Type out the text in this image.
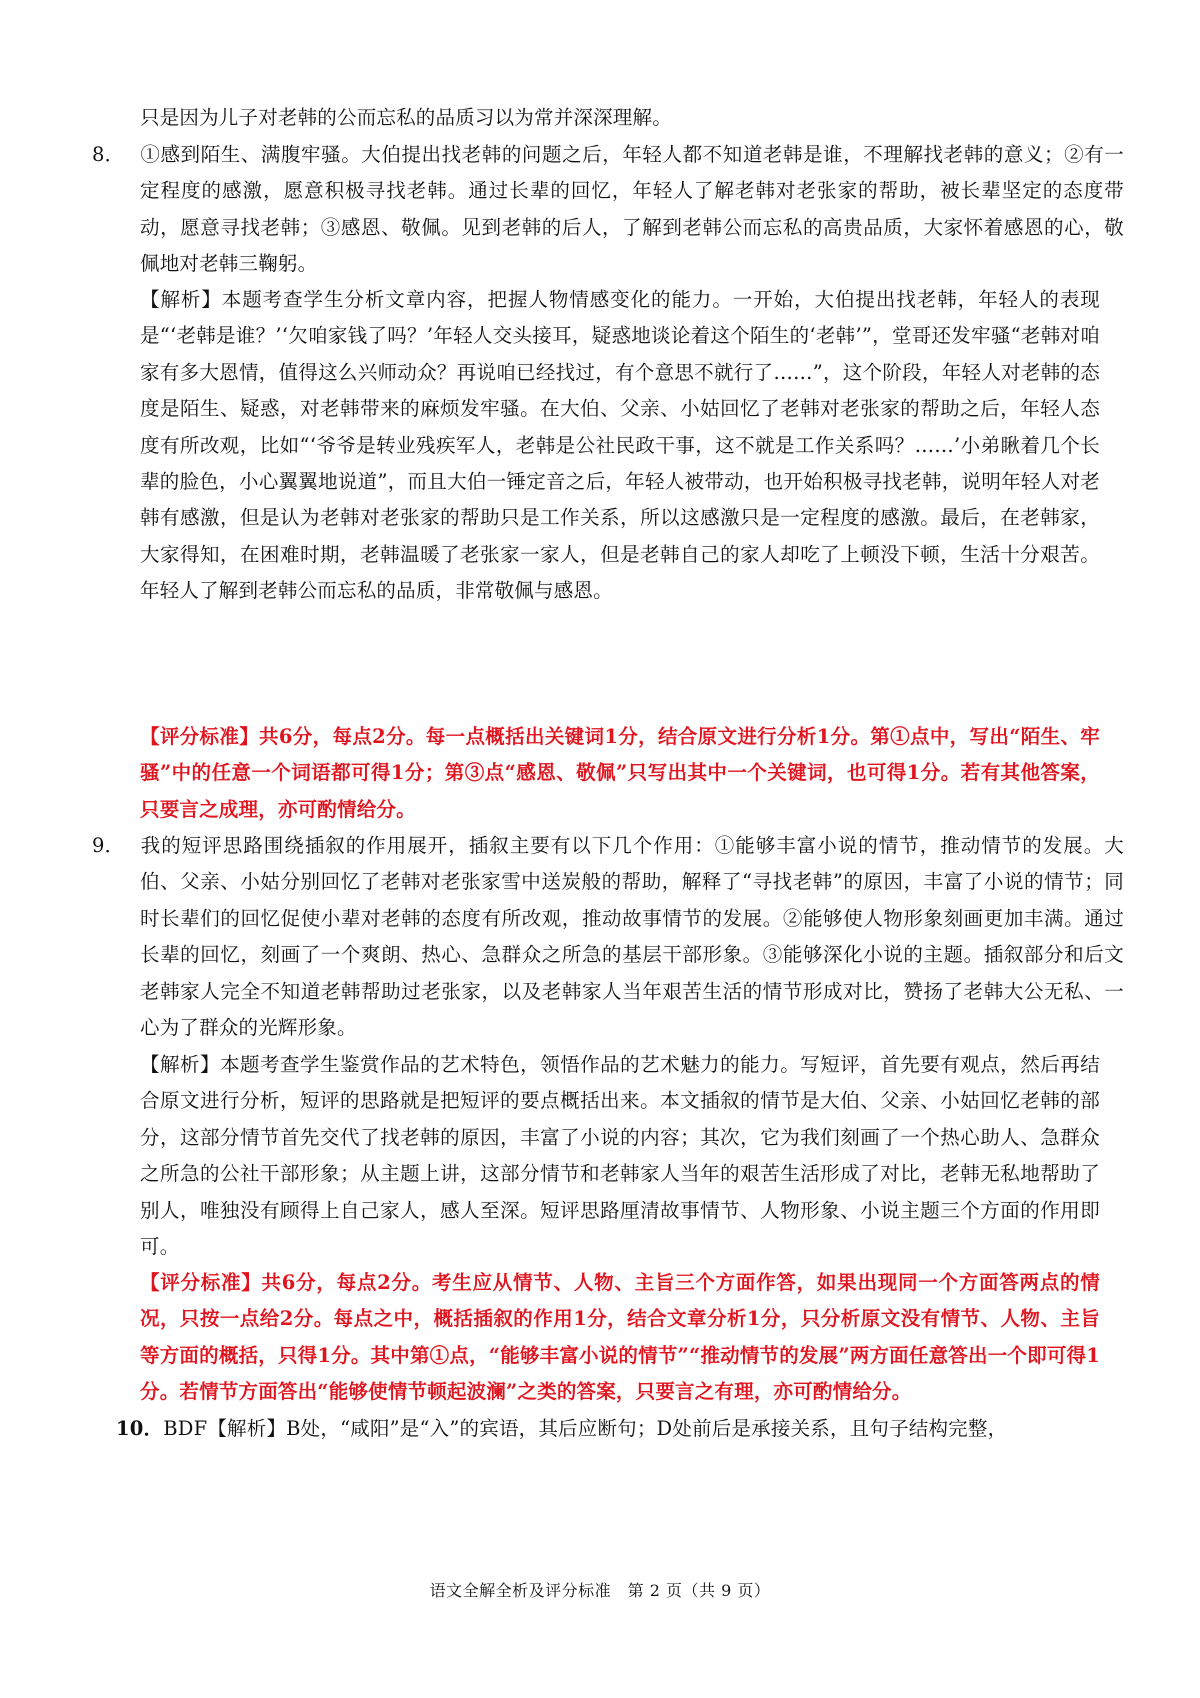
只是因为儿子对老韩的公而忘私的品质习以为常并深深理解。

8． ①感到陌生、满腹牢骚。大伯提出找老韩的问题之后，年轻人都不知道老韩是谁，不理解找老韩的意义；②有一定程度的感激，愿意积极寻找老韩。通过长辈的回忆，年轻人了解老韩对老张家的帮助，被长辈坚定的态度带动，愿意寻找老韩；③感恩、敬佩。见到老韩的后人，了解到老韩公而忘私的高贵品质，大家怀着感恩的心，敬佩地对老韩三鞠躬。

【解析】本题考查学生分析文章内容，把握人物情感变化的能力。一开始，大伯提出找老韩，年轻人的表现是“‘老韩是谁？’‘欠咱家钱了吗？’年轻人交头接耳，疑惑地谈论着这个陌生的‘老韩’”，堂哥还发牢骚“老韩对咱家有多大恩情，值得这么兴师动众？再说咱已经找过，有个意思不就行了……”，这个阶段，年轻人对老韩的态度是陌生、疑惑，对老韩带来的麻烦发牢骚。在大伯、父亲、小姑回忆了老韩对老张家的帮助之后，年轻人态度有所改观，比如“‘爷爷是转业残疾军人，老韩是公社民政干事，这不就是工作关系吗？……’小弟瞅着几个长辈的脸色，小心翼翼地说道”，而且大伯一锤定音之后，年轻人被带动，也开始积极寻找老韩，说明年轻人对老韩有感激，但是认为老韩对老张家的帮助只是工作关系，所以这感激只是一定程度的感激。最后，在老韩家，大家得知，在困难时期，老韩温暖了老张家一家人，但是老韩自己的家人却吃了上顿没下顿，生活十分艰苦。年轻人了解到老韩公而忘私的品质，非常敬佩与感恩。

【评分标准】共6分，每点2分。每一点概括出关键词1分，结合原文进行分析1分。第①点中，写出“陌生、牢骚”中的任意一个词语都可得1分；第③点“感恩、敬佩”只写出其中一个关键词，也可得1分。若有其他答案，只要言之成理，亦可酌情给分。

9． 我的短评思路围绕插叙的作用展开，插叙主要有以下几个作用：①能够丰富小说的情节，推动情节的发展。大伯、父亲、小姑分别回忆了老韩对老张家雪中送炭般的帮助，解释了“寻找老韩”的原因，丰富了小说的情节；同时长辈们的回忆促使小辈对老韩的态度有所改观，推动故事情节的发展。②能够使人物形象刻画更加丰满。通过长辈的回忆，刻画了一个爽朗、热心、急群众之所急的基层干部形象。③能够深化小说的主题。插叙部分和后文老韩家人完全不知道老韩帮助过老张家，以及老韩家人当年艰苦生活的情节形成对比，赞扬了老韩大公无私、一心为了群众的光辉形象。

【解析】本题考查学生鉴赏作品的艺术特色，领悟作品的艺术魅力的能力。写短评，首先要有观点，然后再结合原文进行分析，短评的思路就是把短评的要点概括出来。本文插叙的情节是大伯、父亲、小姑回忆老韩的部分，这部分情节首先交代了找老韩的原因，丰富了小说的内容；其次，它为我们刻画了一个热心助人、急群众之所急的公社干部形象；从主题上讲，这部分情节和老韩家人当年的艰苦生活形成了对比，老韩无私地帮助了别人，唯独没有顾得上自己家人，感人至深。短评思路厘清故事情节、人物形象、小说主题三个方面的作用即可。

【评分标准】共6分，每点2分。考生应从情节、人物、主旨三个方面作答，如果出现同一个方面答两点的情况，只按一点给2分。每点之中，概括插叙的作用1分，结合文章分析1分，只分析原文没有情节、人物、主旨等方面的概括，只得1分。其中第①点，“能够丰富小说的情节”“推动情节的发展”两方面任意答出一个即可得1分。若情节方面答出“能够使情节顿起波澜”之类的答案，只要言之有理，亦可酌情给分。

10．BDF【解析】B处，“咸阳”是“入”的宾语，其后应断句；D处前后是承接关系，且句子结构完整，
语文全解全析及评分标准　第 2 页（共 9 页）
